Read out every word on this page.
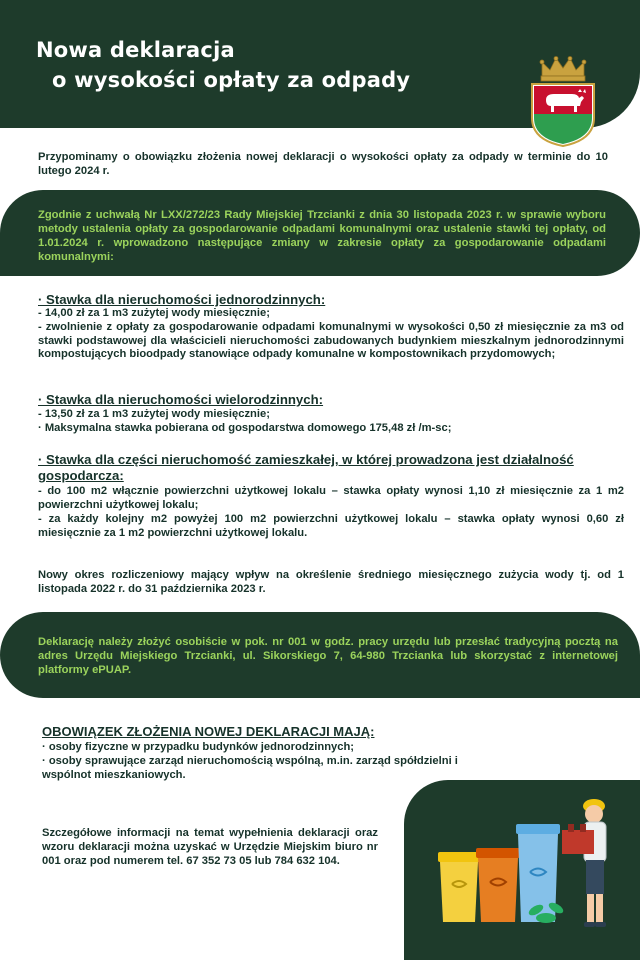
Nowa deklaracja
o wysokości opłaty za odpady
Przypominamy o obowiązku złożenia nowej deklaracji o wysokości opłaty za odpady w terminie do 10 lutego 2024 r.
Zgodnie z uchwałą Nr LXX/272/23 Rady Miejskiej Trzcianki z dnia 30 listopada 2023 r. w sprawie wyboru metody ustalenia opłaty za gospodarowanie odpadami komunalnymi oraz ustalenie stawki tej opłaty, od 1.01.2024 r. wprowadzono następujące zmiany w zakresie opłaty za gospodarowanie odpadami komunalnymi:
· Stawka dla nieruchomości jednorodzinnych:
- 14,00 zł za 1 m3 zużytej wody miesięcznie;
- zwolnienie z opłaty za gospodarowanie odpadami komunalnymi w wysokości 0,50 zł miesięcznie za m3 od stawki podstawowej dla właścicieli nieruchomości zabudowanych budynkiem mieszkalnym jednorodzinnymi kompostujących bioodpady stanowiące odpady komunalne w kompostownikach przydomowych;
· Stawka dla nieruchomości wielorodzinnych:
- 13,50 zł za 1 m3 zużytej wody miesięcznie;
· Maksymalna stawka pobierana od gospodarstwa domowego 175,48 zł /m-sc;
· Stawka dla części nieruchomość zamieszkałej, w której prowadzona jest działalność gospodarcza:
- do 100 m2 włącznie powierzchni użytkowej lokalu – stawka opłaty wynosi 1,10 zł miesięcznie za 1 m2 powierzchni użytkowej lokalu;
- za każdy kolejny m2 powyżej 100 m2 powierzchni użytkowej lokalu – stawka opłaty wynosi 0,60 zł miesięcznie za 1 m2 powierzchni użytkowej lokalu.
Nowy okres rozliczeniowy mający wpływ na określenie średniego miesięcznego zużycia wody tj. od 1 listopada 2022 r. do 31 października 2023 r.
Deklarację należy złożyć osobiście w pok. nr 001 w godz. pracy urzędu lub przesłać tradycyjną pocztą na adres Urzędu Miejskiego Trzcianki, ul. Sikorskiego 7, 64-980 Trzcianka lub skorzystać z internetowej platformy ePUAP.
OBOWIĄZEK ZŁOŻENIA NOWEJ DEKLARACJI MAJĄ:
· osoby fizyczne w przypadku budynków jednorodzinnych;
· osoby sprawujące zarząd nieruchomością wspólną, m.in. zarząd spółdzielni i wspólnot mieszkaniowych.
Szczegółowe informacji na temat wypełnienia deklaracji oraz wzoru deklaracji można uzyskać w Urzędzie Miejskim biuro nr 001 oraz pod numerem tel. 67 352 73 05 lub 784 632 104.
